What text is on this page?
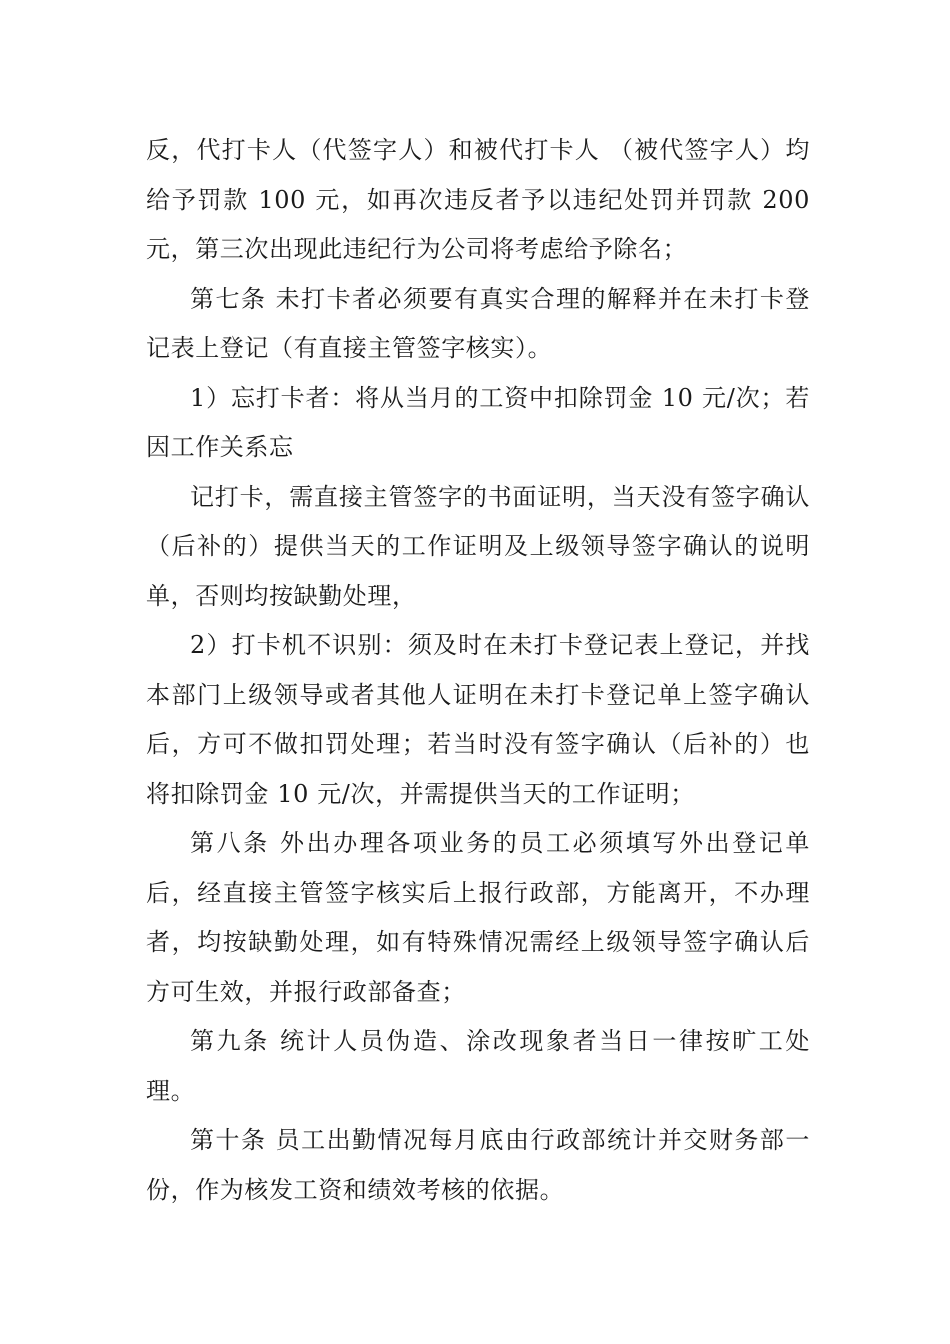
反，代打卡人（代签字人）和被代打卡人 （被代签字人）均给予罚款 100 元，如再次违反者予以违纪处罚并罚款 200 元，第三次出现此违纪行为公司将考虑给予除名；

第七条 未打卡者必须要有真实合理的解释并在未打卡登记表上登记（有直接主管签字核实）。

1）忘打卡者：将从当月的工资中扣除罚金 10 元/次；若因工作关系忘

记打卡，需直接主管签字的书面证明，当天没有签字确认（后补的）提供当天的工作证明及上级领导签字确认的说明单，否则均按缺勤处理，

2）打卡机不识别：须及时在未打卡登记表上登记，并找本部门上级领导或者其他人证明在未打卡登记单上签字确认后，方可不做扣罚处理；若当时没有签字确认（后补的）也将扣除罚金 10 元/次，并需提供当天的工作证明；

第八条 外出办理各项业务的员工必须填写外出登记单后，经直接主管签字核实后上报行政部，方能离开，不办理者，均按缺勤处理，如有特殊情况需经上级领导签字确认后方可生效，并报行政部备查；

第九条 统计人员伪造、涂改现象者当日一律按旷工处理。

第十条 员工出勤情况每月底由行政部统计并交财务部一份，作为核发工资和绩效考核的依据。
